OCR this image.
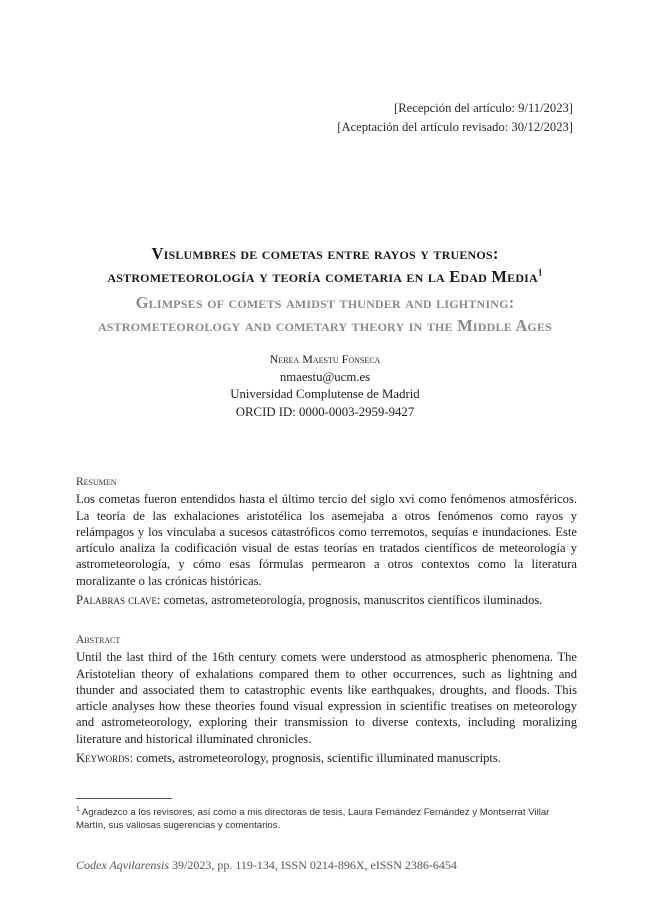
[Recepción del artículo: 9/11/2023]
[Aceptación del artículo revisado: 30/12/2023]
Vislumbres de cometas entre rayos y truenos:
astrometeorología y teoría cometaria en la Edad Media$^1$
Glimpses of comets amidst thunder and lightning:
astrometeorology and cometary theory in the Middle Ages
Nerea Maestu Fonseca
nmaestu@ucm.es
Universidad Complutense de Madrid
ORCID ID: 0000-0003-2959-9427
Resumen
Los cometas fueron entendidos hasta el último tercio del siglo xvi como fenómenos atmosféricos. La teoría de las exhalaciones aristotélica los asemejaba a otros fenómenos como rayos y relámpagos y los vinculaba a sucesos catastróficos como terremotos, sequías e inundaciones. Este artículo analiza la codificación visual de estas teorías en tratados científicos de meteorología y astrometeorología, y cómo esas fórmulas permearon a otros contextos como la literatura moralizante o las crónicas históricas.
Palabras clave: cometas, astrometeorología, prognosis, manuscritos científicos iluminados.
Abstract
Until the last third of the 16th century comets were understood as atmospheric phenomena. The Aristotelian theory of exhalations compared them to other occurrences, such as lightning and thunder and associated them to catastrophic events like earthquakes, droughts, and floods. This article analyses how these theories found visual expression in scientific treatises on meteorology and astrometeorology, exploring their transmission to diverse contexts, including moralizing literature and historical illuminated chronicles.
Keywords: comets, astrometeorology, prognosis, scientific illuminated manuscripts.
$^1$ Agradezco a los revisores, así como a mis directoras de tesis, Laura Fernández Fernández y Montserrat Villar Martín, sus valiosas sugerencias y comentarios.
Codex Aqvilarensis 39/2023, pp. 119-134, ISSN 0214-896X, eISSN 2386-6454
